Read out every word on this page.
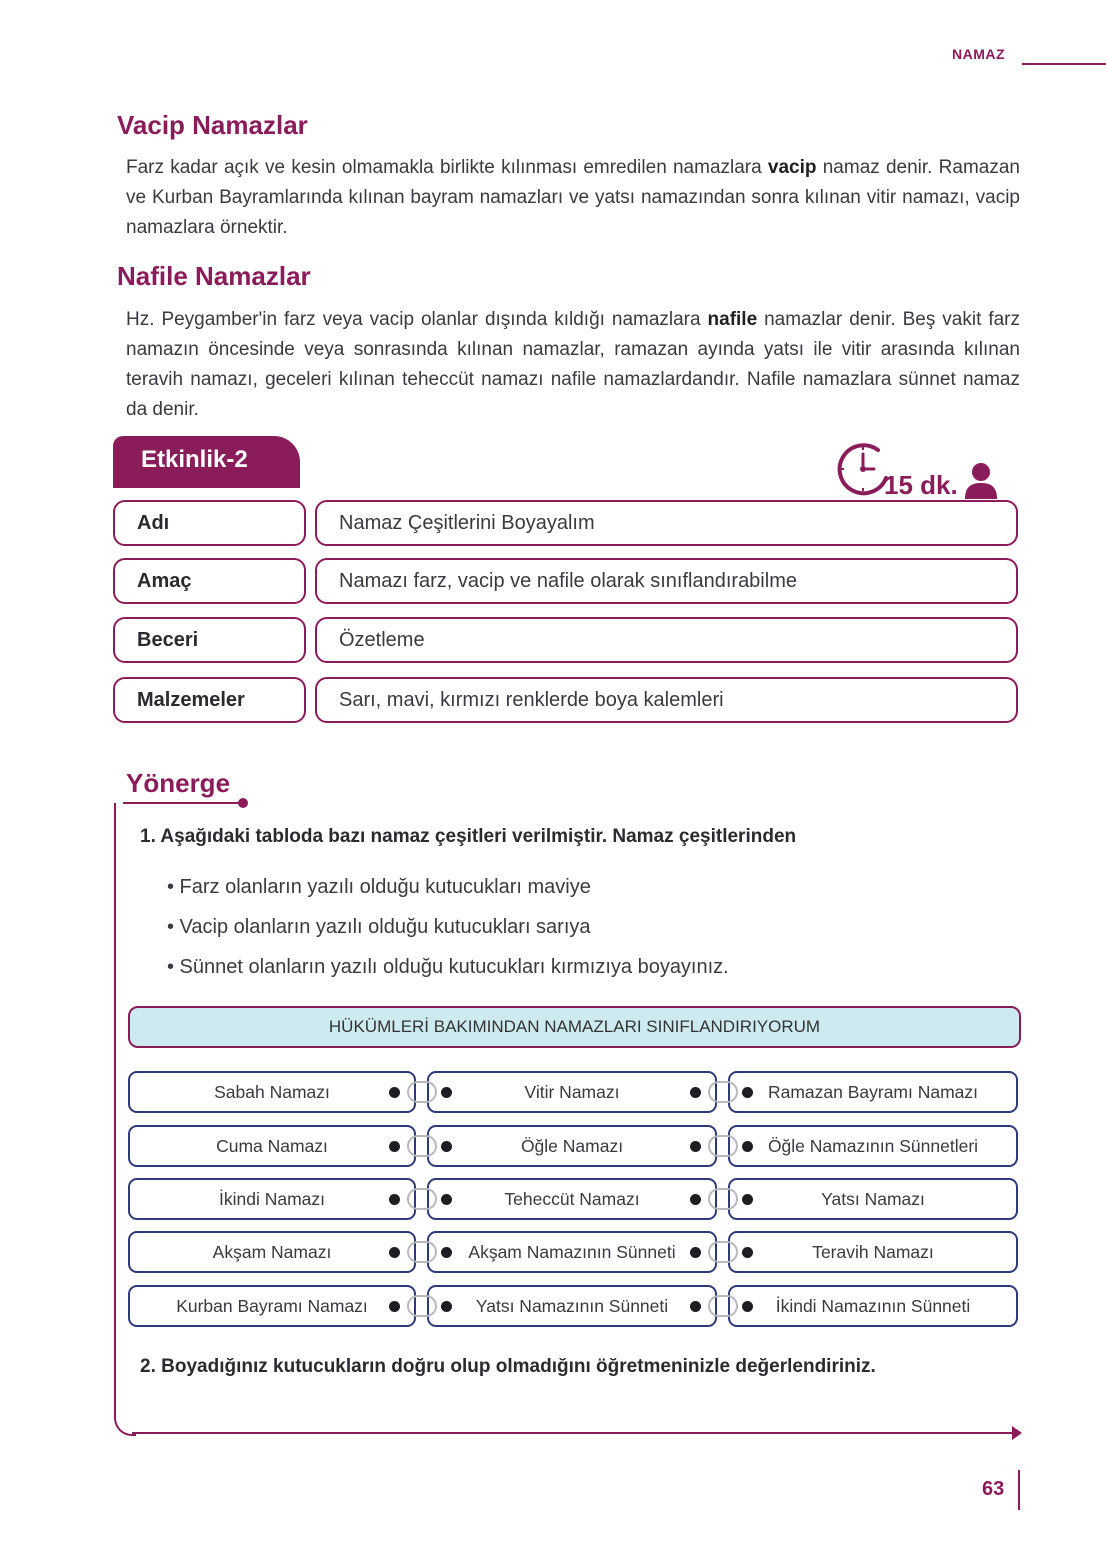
NAMAZ
Vacip Namazlar

Farz kadar açık ve kesin olmamakla birlikte kılınması emredilen namazlara vacip namaz denir. Ramazan ve Kurban Bayramlarında kılınan bayram namazları ve yatsı namazından sonra kılınan vitir namazı, vacip namazlara örnektir.

Nafile Namazlar

Hz. Peygamber'in farz veya vacip olanlar dışında kıldığı namazlara nafile namazlar denir. Beş vakit farz namazın öncesinde veya sonrasında kılınan namazlar, ramazan ayında yatsı ile vitir arasında kılınan teravih namazı, geceleri kılınan teheccüt namazı nafile namazlardandır. Nafile namazlara sünnet namaz da denir.

Etkinlik-2
15 dk.
Adı	Namaz Çeşitlerini Boyayalım
Amaç	Namazı farz, vacip ve nafile olarak sınıflandırabilme
Beceri	Özetleme
Malzemeler	Sarı, mavi, kırmızı renklerde boya kalemleri
Yönerge
1. Aşağıdaki tabloda bazı namaz çeşitleri verilmiştir. Namaz çeşitlerinden
• Farz olanların yazılı olduğu kutucukları maviye
• Vacip olanların yazılı olduğu kutucukları sarıya
• Sünnet olanların yazılı olduğu kutucukları kırmızıya boyayınız.
HÜKÜMLERİ BAKIMINDAN NAMAZLARI SINIFLANDIRIYORUM
Sabah Namazı	Vitir Namazı	Ramazan Bayramı Namazı
Cuma Namazı	Öğle Namazı	Öğle Namazının Sünnetleri
İkindi Namazı	Teheccüt Namazı	Yatsı Namazı
Akşam Namazı	Akşam Namazının Sünneti	Teravih Namazı
Kurban Bayramı Namazı	Yatsı Namazının Sünneti	İkindi Namazının Sünneti
2. Boyadığınız kutucukların doğru olup olmadığını öğretmeninizle değerlendiriniz.
63
